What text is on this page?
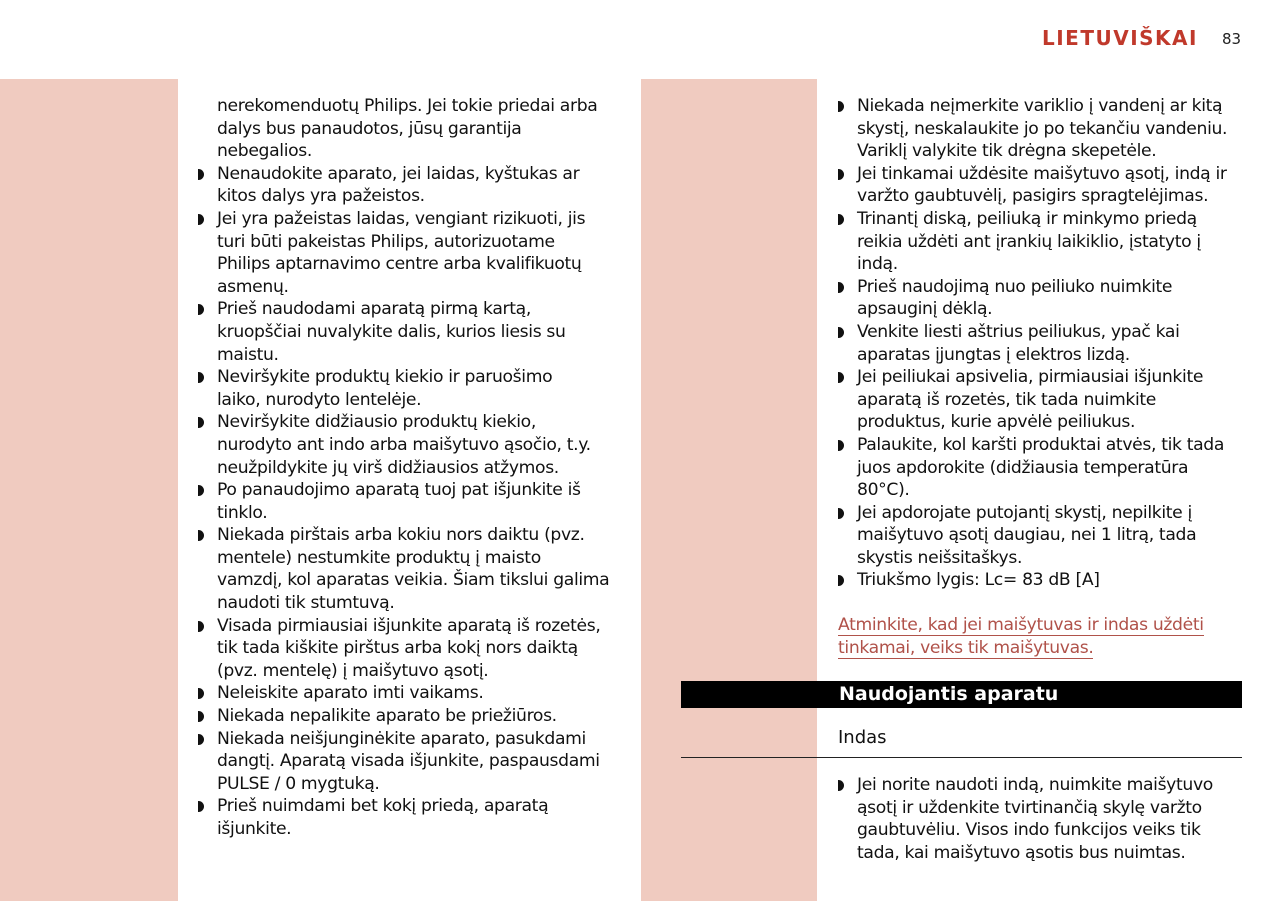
LIETUVIŠKAI 83
nerekomenduotų Philips. Jei tokie priedai arba
dalys bus panaudotos, jūsų garantija
nebegalios.
Nenaudokite aparato, jei laidas, kyštukas ar
kitos dalys yra pažeistos.
Jei yra pažeistas laidas, vengiant rizikuoti, jis
turi būti pakeistas Philips, autorizuotame
Philips aptarnavimo centre arba kvalifikuotų
asmenų.
Prieš naudodami aparatą pirmą kartą,
kruopščiai nuvalykite dalis, kurios liesis su
maistu.
Neviršykite produktų kiekio ir paruošimo
laiko, nurodyto lentelėje.
Neviršykite didžiausio produktų kiekio,
nurodyto ant indo arba maišytuvo ąsočio, t.y.
neužpildykite jų virš didžiausios atžymos.
Po panaudojimo aparatą tuoj pat išjunkite iš
tinklo.
Niekada pirštais arba kokiu nors daiktu (pvz.
mentele) nestumkite produktų į maisto
vamzdį, kol aparatas veikia. Šiam tikslui galima
naudoti tik stumtuvą.
Visada pirmiausiai išjunkite aparatą iš rozetės,
tik tada kiškite pirštus arba kokį nors daiktą
(pvz. mentelę) į maišytuvo ąsotį.
Neleiskite aparato imti vaikams.
Niekada nepalikite aparato be priežiūros.
Niekada neišjunginėkite aparato, pasukdami
dangtį. Aparatą visada išjunkite, paspausdami
PULSE / 0 mygtuką.
Prieš nuimdami bet kokį priedą, aparatą
išjunkite.
Niekada neįmerkite variklio į vandenį ar kitą
skystį, neskalaukite jo po tekančiu vandeniu.
Variklį valykite tik drėgna skepetėle.
Jei tinkamai uždėsite maišytuvo ąsotį, indą ir
varžto gaubtuvėlį, pasigirs spragtelėjimas.
Trinantį diską, peiliuką ir minkymo priedą
reikia uždėti ant įrankių laikiklio, įstatyto į
indą.
Prieš naudojimą nuo peiliuko nuimkite
apsauginį dėklą.
Venkite liesti aštrius peiliukus, ypač kai
aparatas įjungtas į elektros lizdą.
Jei peiliukai apsivelia, pirmiausiai išjunkite
aparatą iš rozetės, tik tada nuimkite
produktus, kurie apvėlė peiliukus.
Palaukite, kol karšti produktai atvės, tik tada
juos apdorokite (didžiausia temperatūra
80°C).
Jei apdorojate putojantį skystį, nepilkite į
maišytuvo ąsotį daugiau, nei 1 litrą, tada
skystis neišsitaškys.
Triukšmo lygis: Lc= 83 dB [A]
Atminkite, kad jei maišytuvas ir indas uždėti
tinkamai, veiks tik maišytuvas.
Naudojantis aparatu
Indas
Jei norite naudoti indą, nuimkite maišytuvo
ąsotį ir uždenkite tvirtinančią skylę varžto
gaubtuvėliu. Visos indo funkcijos veiks tik
tada, kai maišytuvo ąsotis bus nuimtas.
